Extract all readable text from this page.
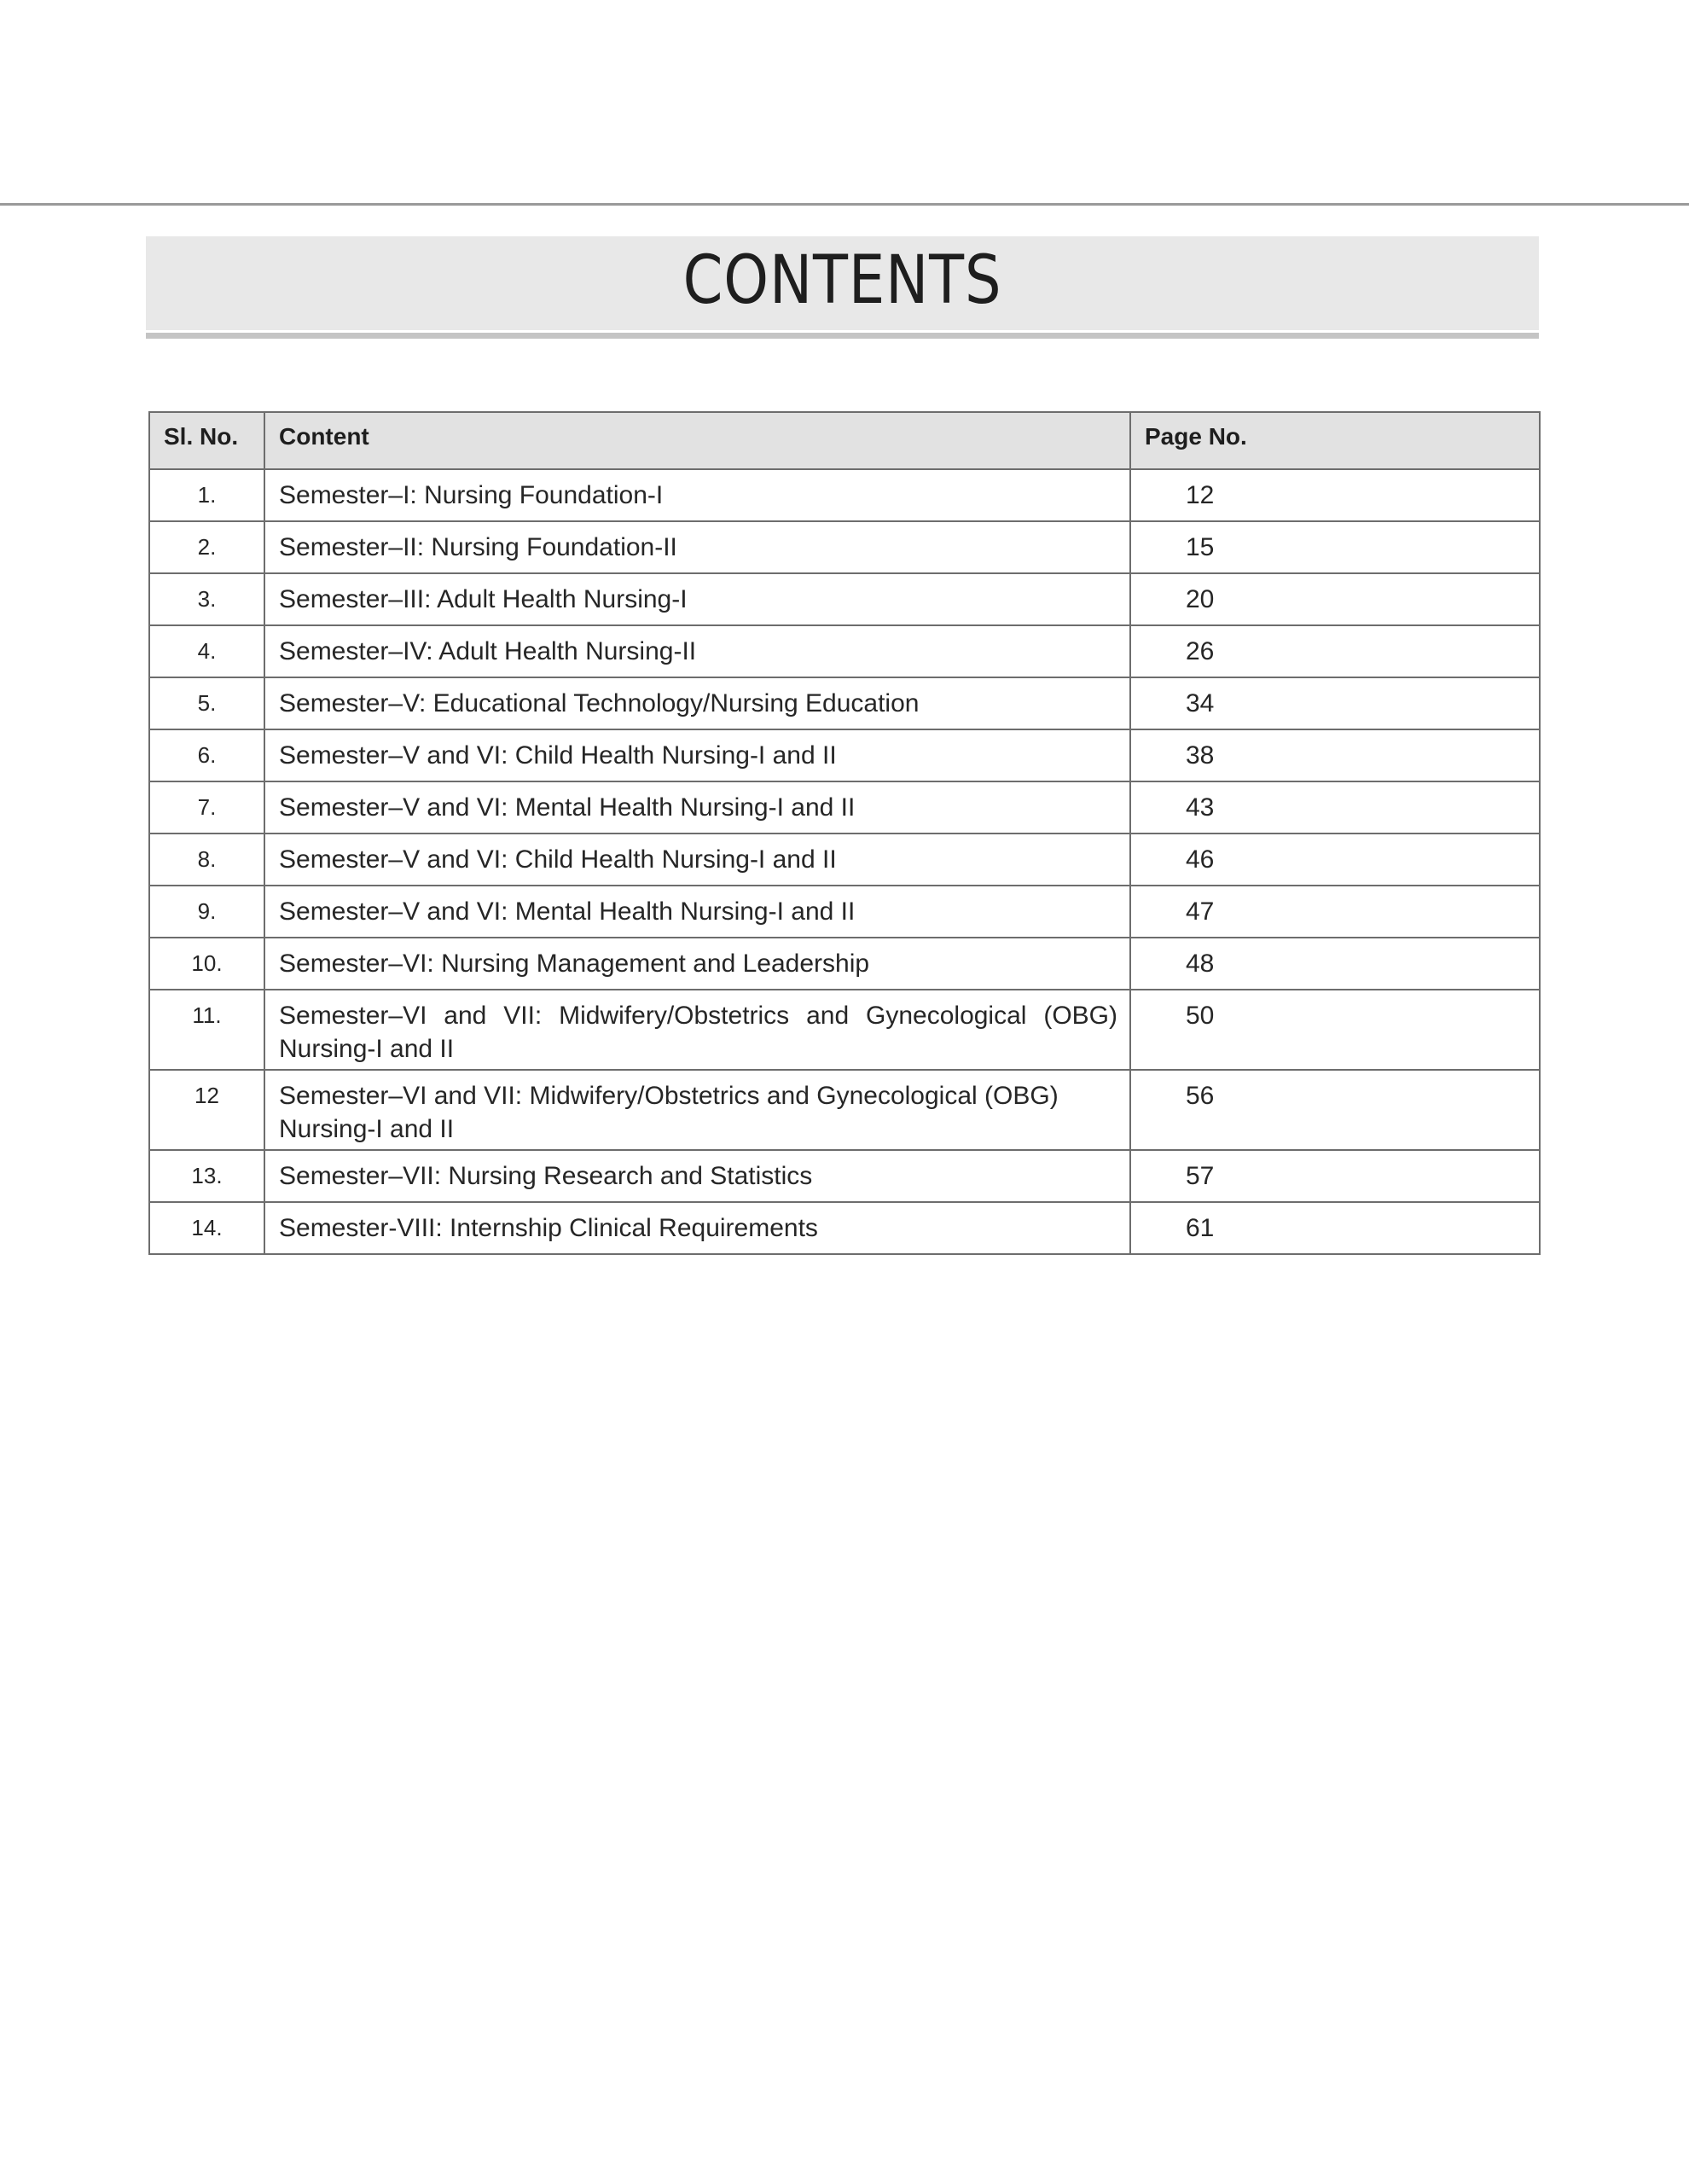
CONTENTS
Sl. No.	Content	Page No.
1.	Semester–I: Nursing Foundation-I	12
2.	Semester–II: Nursing Foundation-II	15
3.	Semester–III: Adult Health Nursing-I	20
4.	Semester–IV: Adult Health Nursing-II	26
5.	Semester–V: Educational Technology/Nursing Education	34
6.	Semester–V and VI: Child Health Nursing-I and II	38
7.	Semester–V and VI: Mental Health Nursing-I and II	43
8.	Semester–V and VI: Child Health Nursing-I and II	46
9.	Semester–V and VI: Mental Health Nursing-I and II	47
10.	Semester–VI: Nursing Management and Leadership	48
11.	Semester–VI and VII: Midwifery/Obstetrics and Gynecological (OBG) Nursing-I and II	50
12	Semester–VI and VII: Midwifery/Obstetrics and Gynecological (OBG) Nursing-I and II	56
13.	Semester–VII: Nursing Research and Statistics	57
14.	Semester-VIII: Internship Clinical Requirements	61
